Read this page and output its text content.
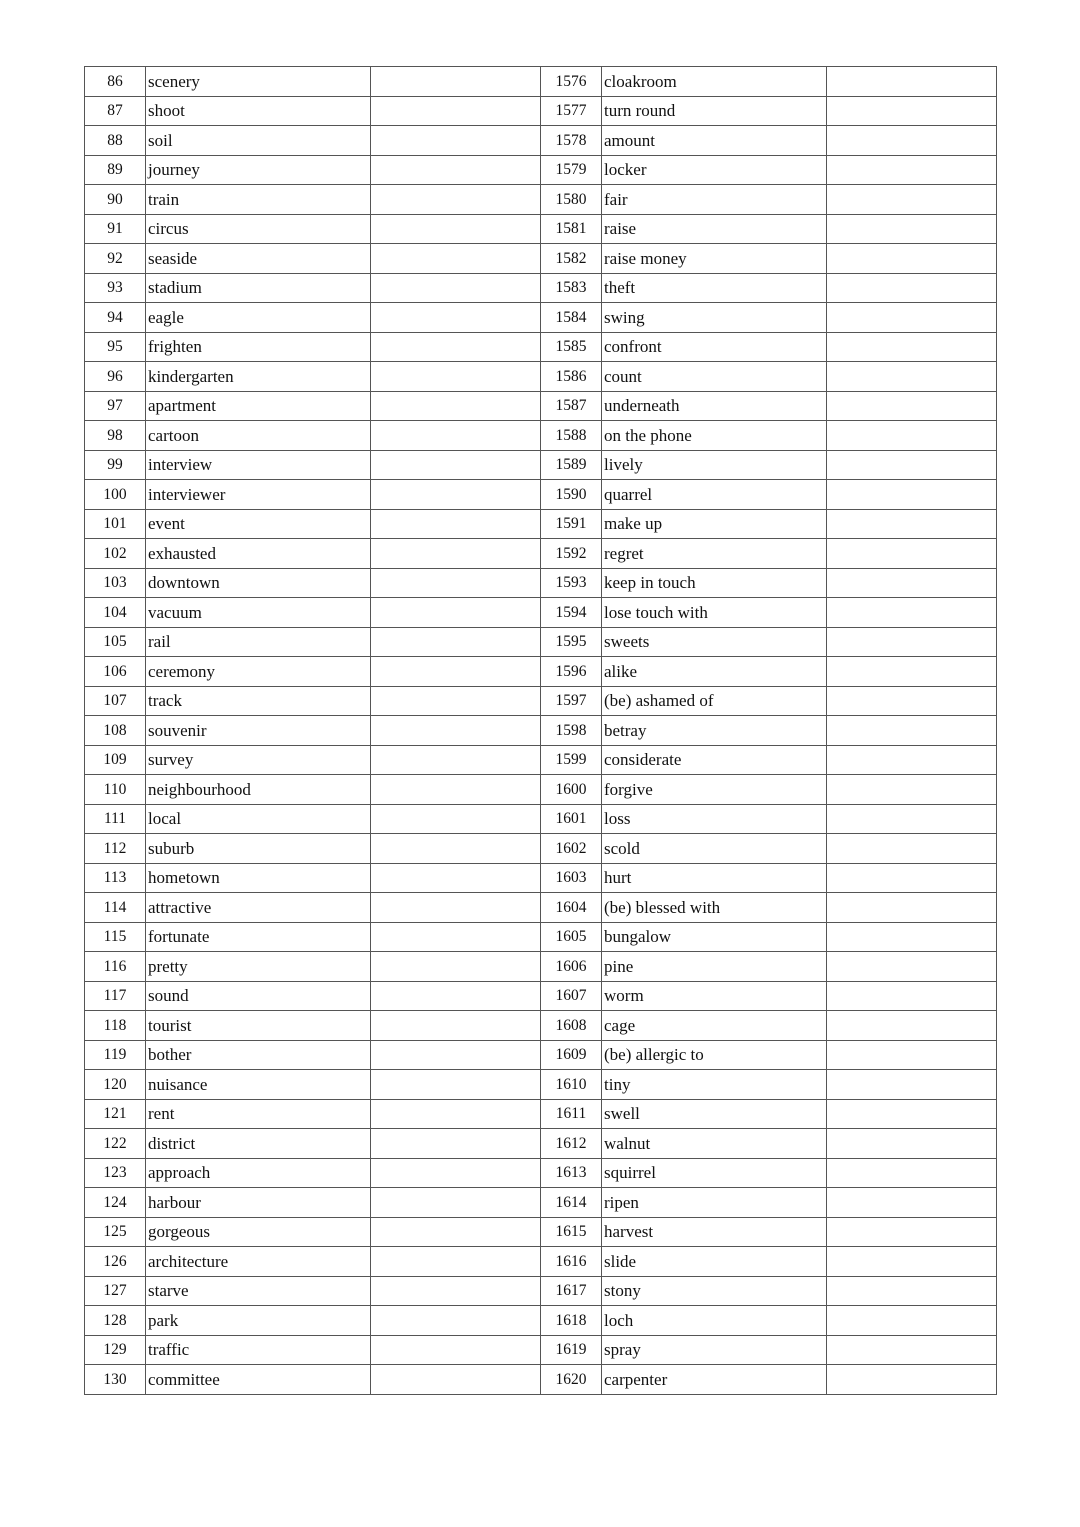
86	scenery		1576	cloakroom	
87	shoot		1577	turn round	
88	soil		1578	amount	
89	journey		1579	locker	
90	train		1580	fair	
91	circus		1581	raise	
92	seaside		1582	raise money	
93	stadium		1583	theft	
94	eagle		1584	swing	
95	frighten		1585	confront	
96	kindergarten		1586	count	
97	apartment		1587	underneath	
98	cartoon		1588	on the phone	
99	interview		1589	lively	
100	interviewer		1590	quarrel	
101	event		1591	make up	
102	exhausted		1592	regret	
103	downtown		1593	keep in touch	
104	vacuum		1594	lose touch with	
105	rail		1595	sweets	
106	ceremony		1596	alike	
107	track		1597	(be) ashamed of	
108	souvenir		1598	betray	
109	survey		1599	considerate	
110	neighbourhood		1600	forgive	
111	local		1601	loss	
112	suburb		1602	scold	
113	hometown		1603	hurt	
114	attractive		1604	(be) blessed with	
115	fortunate		1605	bungalow	
116	pretty		1606	pine	
117	sound		1607	worm	
118	tourist		1608	cage	
119	bother		1609	(be) allergic to	
120	nuisance		1610	tiny	
121	rent		1611	swell	
122	district		1612	walnut	
123	approach		1613	squirrel	
124	harbour		1614	ripen	
125	gorgeous		1615	harvest	
126	architecture		1616	slide	
127	starve		1617	stony	
128	park		1618	loch	
129	traffic		1619	spray	
130	committee		1620	carpenter	
